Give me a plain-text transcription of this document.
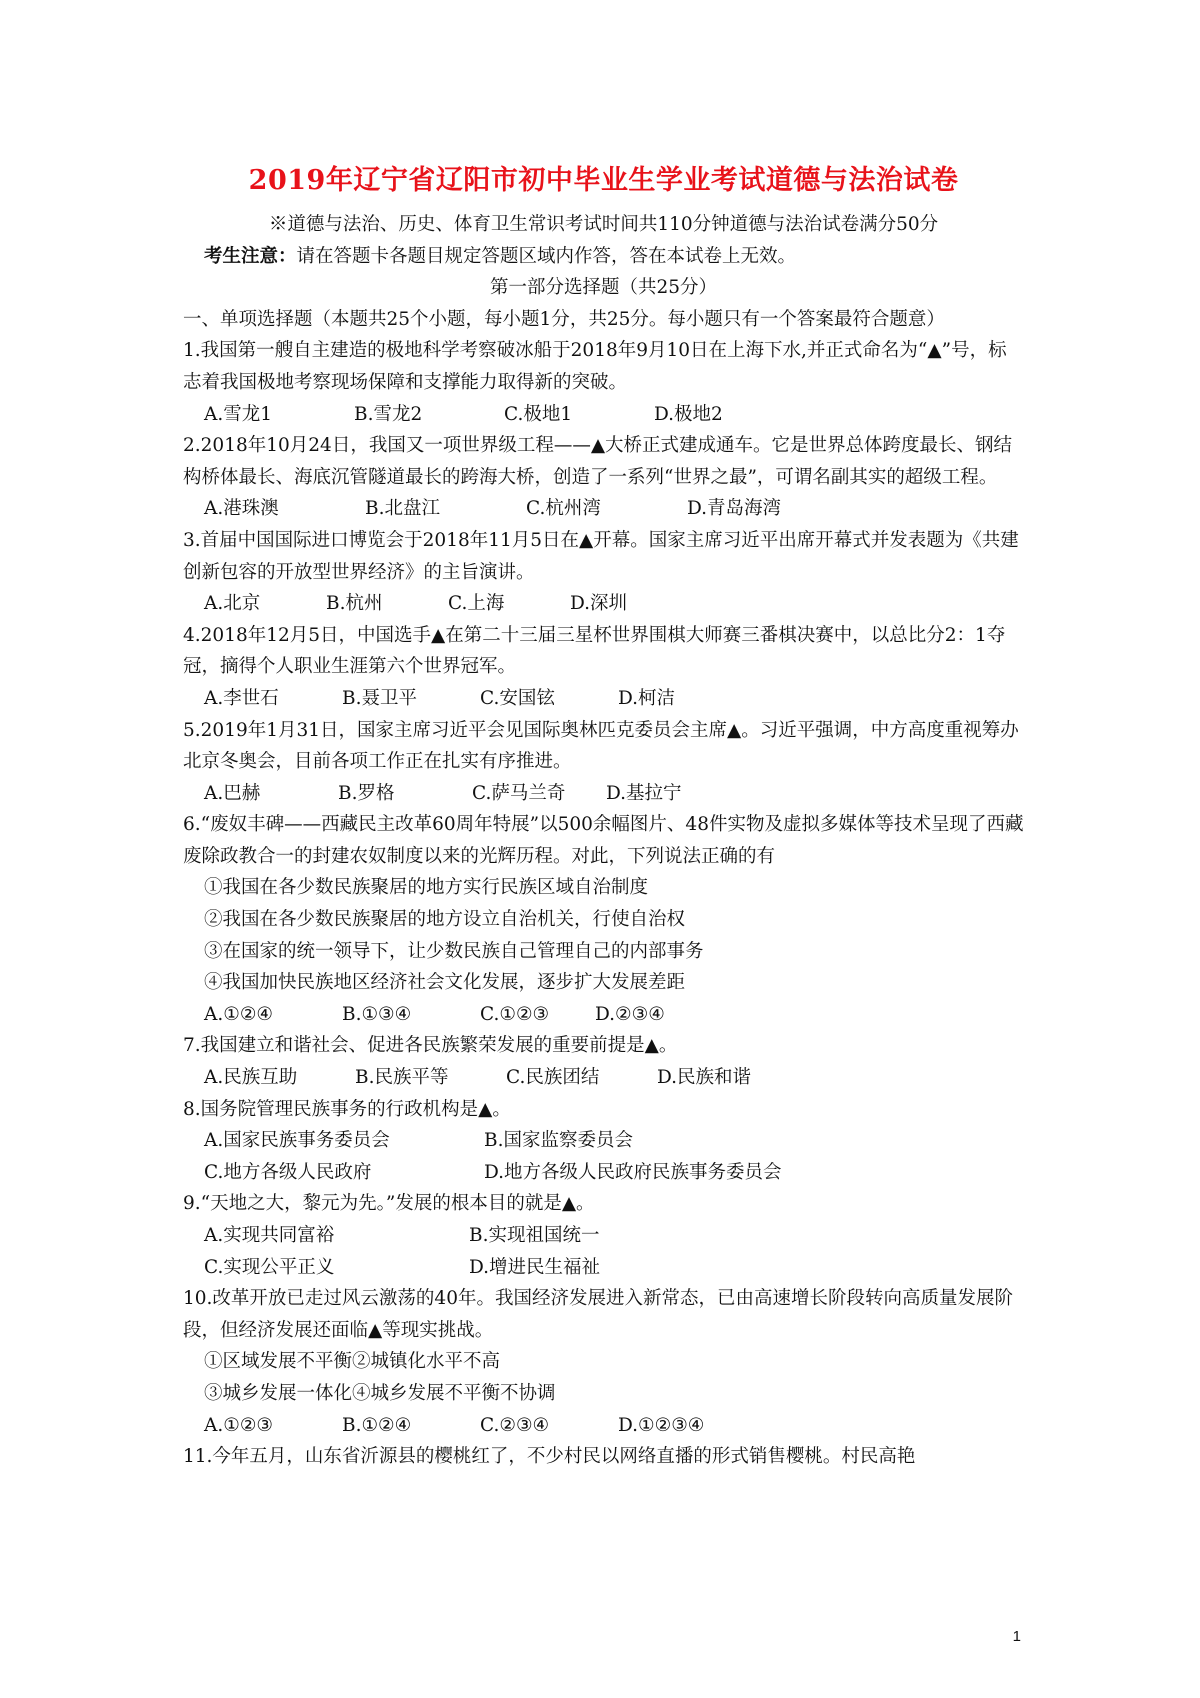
2019年辽宁省辽阳市初中毕业生学业考试道德与法治试卷
※道德与法治、历史、体育卫生常识考试时间共110分钟道德与法治试卷满分50分
考生注意：请在答题卡各题目规定答题区域内作答，答在本试卷上无效。
第一部分选择题（共25分）
一、单项选择题（本题共25个小题，每小题1分，共25分。每小题只有一个答案最符合题意）
1.我国第一艘自主建造的极地科学考察破冰船于2018年9月10日在上海下水,并正式命名为“▲”号，标志着我国极地考察现场保障和支撑能力取得新的突破。
A.雪龙1	B.雪龙2	C.极地1	D.极地2
2.2018年10月24日，我国又一项世界级工程——▲大桥正式建成通车。它是世界总体跨度最长、钢结构桥体最长、海底沉管隧道最长的跨海大桥，创造了一系列“世界之最”，可谓名副其实的超级工程。
A.港珠澳	B.北盘江	C.杭州湾	D.青岛海湾
3.首届中国国际进口博览会于2018年11月5日在▲开幕。国家主席习近平出席开幕式并发表题为《共建创新包容的开放型世界经济》的主旨演讲。
A.北京	B.杭州	C.上海	D.深圳
4.2018年12月5日，中国选手▲在第二十三届三星杯世界围棋大师赛三番棋决赛中，以总比分2：1夺冠，摘得个人职业生涯第六个世界冠军。
A.李世石	B.聂卫平	C.安国铉	D.柯洁
5.2019年1月31日，国家主席习近平会见国际奥林匹克委员会主席▲。习近平强调，中方高度重视筹办北京冬奥会，目前各项工作正在扎实有序推进。
A.巴赫	B.罗格	C.萨马兰奇	D.基拉宁
6.“废奴丰碑——西藏民主改革60周年特展”以500余幅图片、48件实物及虚拟多媒体等技术呈现了西藏废除政教合一的封建农奴制度以来的光辉历程。对此，下列说法正确的有
①我国在各少数民族聚居的地方实行民族区域自治制度
②我国在各少数民族聚居的地方设立自治机关，行使自治权
③在国家的统一领导下，让少数民族自己管理自己的内部事务
④我国加快民族地区经济社会文化发展，逐步扩大发展差距
A.①②④	B.①③④	C.①②③	D.②③④
7.我国建立和谐社会、促进各民族繁荣发展的重要前提是▲。
A.民族互助	B.民族平等	C.民族团结	D.民族和谐
8.国务院管理民族事务的行政机构是▲。
A.国家民族事务委员会	B.国家监察委员会
C.地方各级人民政府	D.地方各级人民政府民族事务委员会
9.“天地之大，黎元为先。”发展的根本目的就是▲。
A.实现共同富裕	B.实现祖国统一
C.实现公平正义	D.增进民生福祉
10.改革开放已走过风云激荡的40年。我国经济发展进入新常态，已由高速增长阶段转向高质量发展阶段，但经济发展还面临▲等现实挑战。
①区域发展不平衡②城镇化水平不高
③城乡发展一体化④城乡发展不平衡不协调
A.①②③	B.①②④	C.②③④	D.①②③④
11.今年五月，山东省沂源县的樱桃红了，不少村民以网络直播的形式销售樱桃。村民高艳
1
